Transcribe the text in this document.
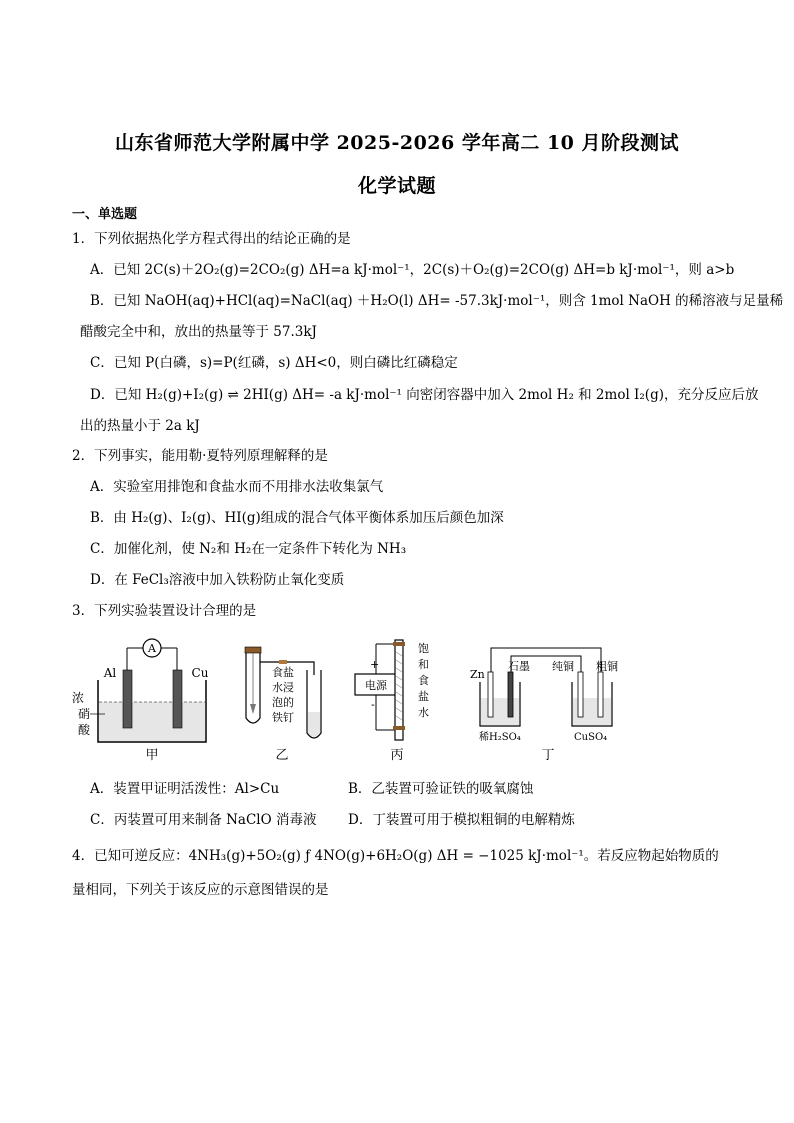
山东省师范大学附属中学 2025-2026 学年高二 10 月阶段测试
化学试题
一、单选题
1．下列依据热化学方程式得出的结论正确的是
A．已知 2C(s)＋2O₂(g)=2CO₂(g) ΔH=a kJ·mol⁻¹，2C(s)＋O₂(g)=2CO(g) ΔH=b kJ·mol⁻¹，则 a>b
B．已知 NaOH(aq)+HCl(aq)=NaCl(aq) ＋H₂O(l) ΔH= -57.3kJ·mol⁻¹，则含 1mol NaOH 的稀溶液与足量稀
醋酸完全中和，放出的热量等于 57.3kJ
C．已知 P(白磷，s)=P(红磷，s) ΔH<0，则白磷比红磷稳定
D．已知 H₂(g)+I₂(g) ⇌ 2HI(g) ΔH= -a kJ·mol⁻¹ 向密闭容器中加入 2mol H₂ 和 2mol I₂(g)，充分反应后放
出的热量小于 2a kJ
2．下列事实，能用勒·夏特列原理解释的是
A．实验室用排饱和食盐水而不用排水法收集氯气
B．由 H₂(g)、I₂(g)、HI(g)组成的混合气体平衡体系加压后颜色加深
C．加催化剂，使 N₂和 H₂在一定条件下转化为 NH₃
D．在 FeCl₃溶液中加入铁粉防止氧化变质
3．下列实验装置设计合理的是
A
Al	Cu
浓
硝
酸
甲
食盐
水浸
泡的
铁钉
乙
电源
+
-
饱
和
食
盐
水
丙
Zn
石墨 纯铜 粗铜
稀H₂SO₄	CuSO₄
丁
A．装置甲证明活泼性：Al>Cu	B．乙装置可验证铁的吸氧腐蚀
C．丙装置可用来制备 NaClO 消毒液 D．丁装置可用于模拟粗铜的电解精炼
4．已知可逆反应：4NH₃(g)+5O₂(g) ƒ 4NO(g)+6H₂O(g) ΔH = −1025 kJ·mol⁻¹。若反应物起始物质的
量相同，下列关于该反应的示意图错误的是
